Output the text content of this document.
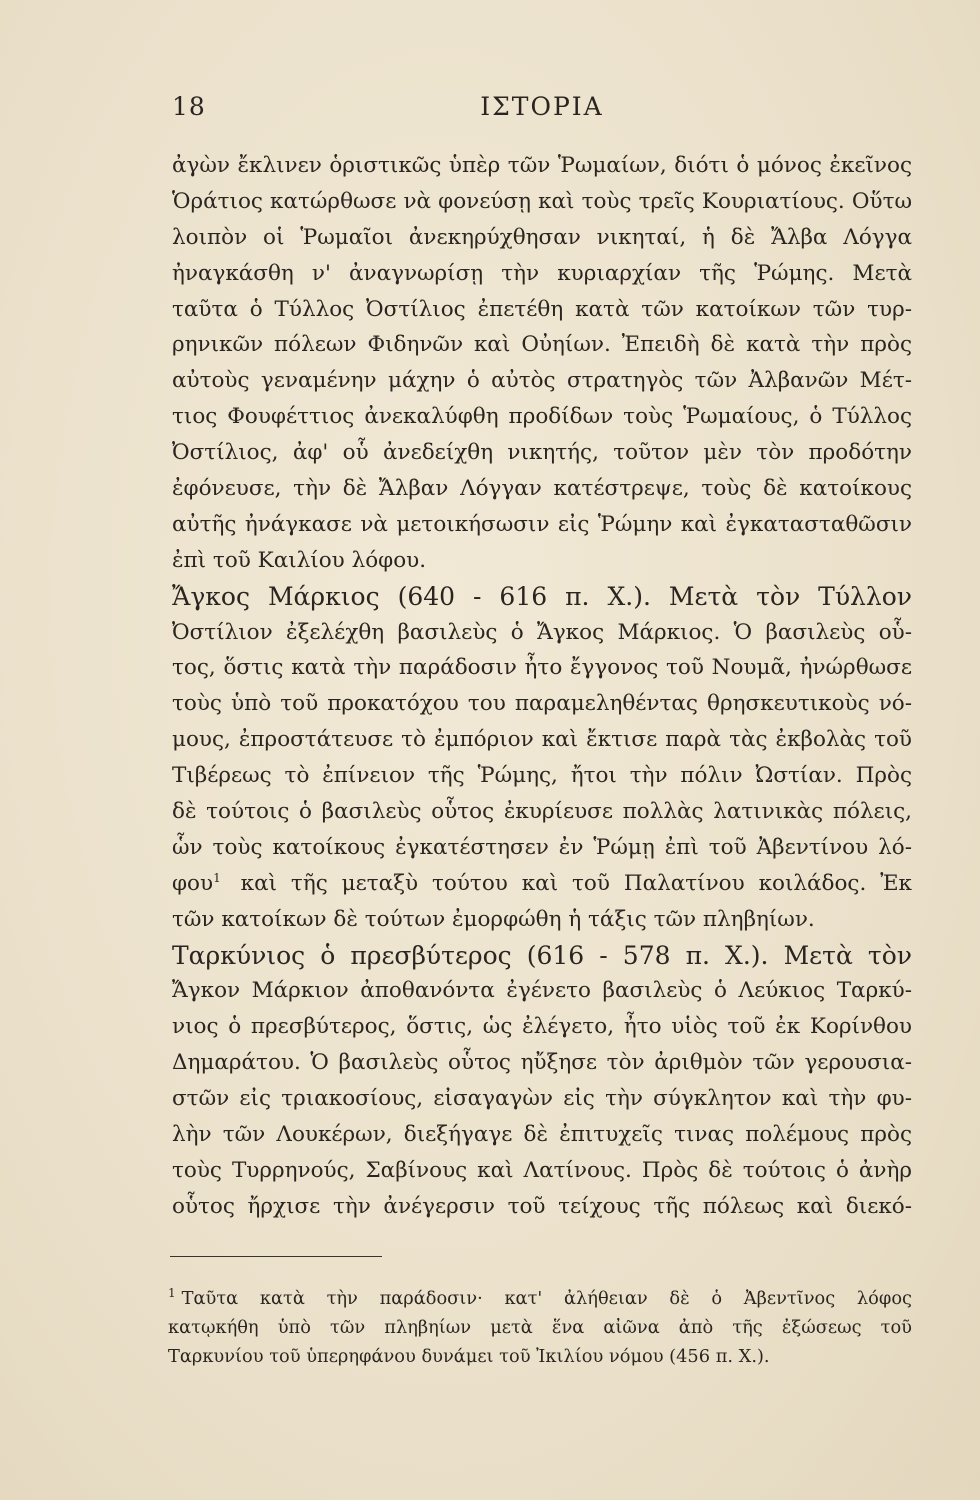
18	ΙΣΤΟΡΙΑ
ἀγὼν ἔκλινεν ὁριστικῶς ὑπὲρ τῶν Ῥωμαίων, διότι ὁ μόνος ἐκεῖνος
Ὁράτιος κατώρθωσε νὰ φονεύσῃ καὶ τοὺς τρεῖς Κουριατίους. Οὕτω
λοιπὸν οἱ Ῥωμαῖοι ἀνεκηρύχθησαν νικηταί, ἡ δὲ Ἄλβα Λόγγα
ἠναγκάσθη ν' ἀναγνωρίσῃ τὴν κυριαρχίαν τῆς Ῥώμης. Μετὰ
ταῦτα ὁ Τύλλος Ὀστίλιος ἐπετέθη κατὰ τῶν κατοίκων τῶν τυρ-
ρηνικῶν πόλεων Φιδηνῶν καὶ Οὐηίων. Ἐπειδὴ δὲ κατὰ τὴν πρὸς
αὐτοὺς γεναμένην μάχην ὁ αὐτὸς στρατηγὸς τῶν Ἀλβανῶν Μέτ-
τιος Φουφέττιος ἀνεκαλύφθη προδίδων τοὺς Ῥωμαίους, ὁ Τύλλος
Ὀστίλιος, ἀφ' οὗ ἀνεδείχθη νικητής, τοῦτον μὲν τὸν προδότην
ἐφόνευσε, τὴν δὲ Ἄλβαν Λόγγαν κατέστρεψε, τοὺς δὲ κατοίκους
αὐτῆς ἠνάγκασε νὰ μετοικήσωσιν εἰς Ῥώμην καὶ ἐγκατασταθῶσιν
ἐπὶ τοῦ Καιλίου λόφου.
Ἄγκος Μάρκιος (640 - 616 π. Χ.). Μετὰ τὸν Τύλλον
Ὀστίλιον ἐξελέχθη βασιλεὺς ὁ Ἄγκος Μάρκιος. Ὁ βασιλεὺς οὗ-
τος, ὅστις κατὰ τὴν παράδοσιν ἦτο ἔγγονος τοῦ Νουμᾶ, ἠνώρθωσε
τοὺς ὑπὸ τοῦ προκατόχου του παραμεληθέντας θρησκευτικοὺς νό-
μους, ἐπροστάτευσε τὸ ἐμπόριον καὶ ἔκτισε παρὰ τὰς ἐκβολὰς τοῦ
Τιβέρεως τὸ ἐπίνειον τῆς Ῥώμης, ἤτοι τὴν πόλιν Ὠστίαν. Πρὸς
δὲ τούτοις ὁ βασιλεὺς οὗτος ἐκυρίευσε πολλὰς λατινικὰς πόλεις,
ὧν τοὺς κατοίκους ἐγκατέστησεν ἐν Ῥώμῃ ἐπὶ τοῦ Ἀβεντίνου λό-
φου$^1$ καὶ τῆς μεταξὺ τούτου καὶ τοῦ Παλατίνου κοιλάδος. Ἐκ
τῶν κατοίκων δὲ τούτων ἐμορφώθη ἡ τάξις τῶν πληβηίων.
Ταρκύνιος ὁ πρεσβύτερος (616 - 578 π. Χ.). Μετὰ τὸν
Ἄγκον Μάρκιον ἀποθανόντα ἐγένετο βασιλεὺς ὁ Λεύκιος Ταρκύ-
νιος ὁ πρεσβύτερος, ὅστις, ὡς ἐλέγετο, ἦτο υἱὸς τοῦ ἐκ Κορίνθου
Δημαράτου. Ὁ βασιλεὺς οὗτος ηὔξησε τὸν ἀριθμὸν τῶν γερουσια-
στῶν εἰς τριακοσίους, εἰσαγαγὼν εἰς τὴν σύγκλητον καὶ τὴν φυ-
λὴν τῶν Λουκέρων, διεξήγαγε δὲ ἐπιτυχεῖς τινας πολέμους πρὸς
τοὺς Τυρρηνούς, Σαβίνους καὶ Λατίνους. Πρὸς δὲ τούτοις ὁ ἀνὴρ
οὗτος ἤρχισε τὴν ἀνέγερσιν τοῦ τείχους τῆς πόλεως καὶ διεκό-
$^1$ Ταῦτα κατὰ τὴν παράδοσιν· κατ' ἀλήθειαν δὲ ὁ Ἀβεντῖνος λόφος
κατῳκήθη ὑπὸ τῶν πληβηίων μετὰ ἕνα αἰῶνα ἀπὸ τῆς ἐξώσεως τοῦ
Ταρκυνίου τοῦ ὑπερηφάνου δυνάμει τοῦ Ἰκιλίου νόμου (456 π. Χ.).
